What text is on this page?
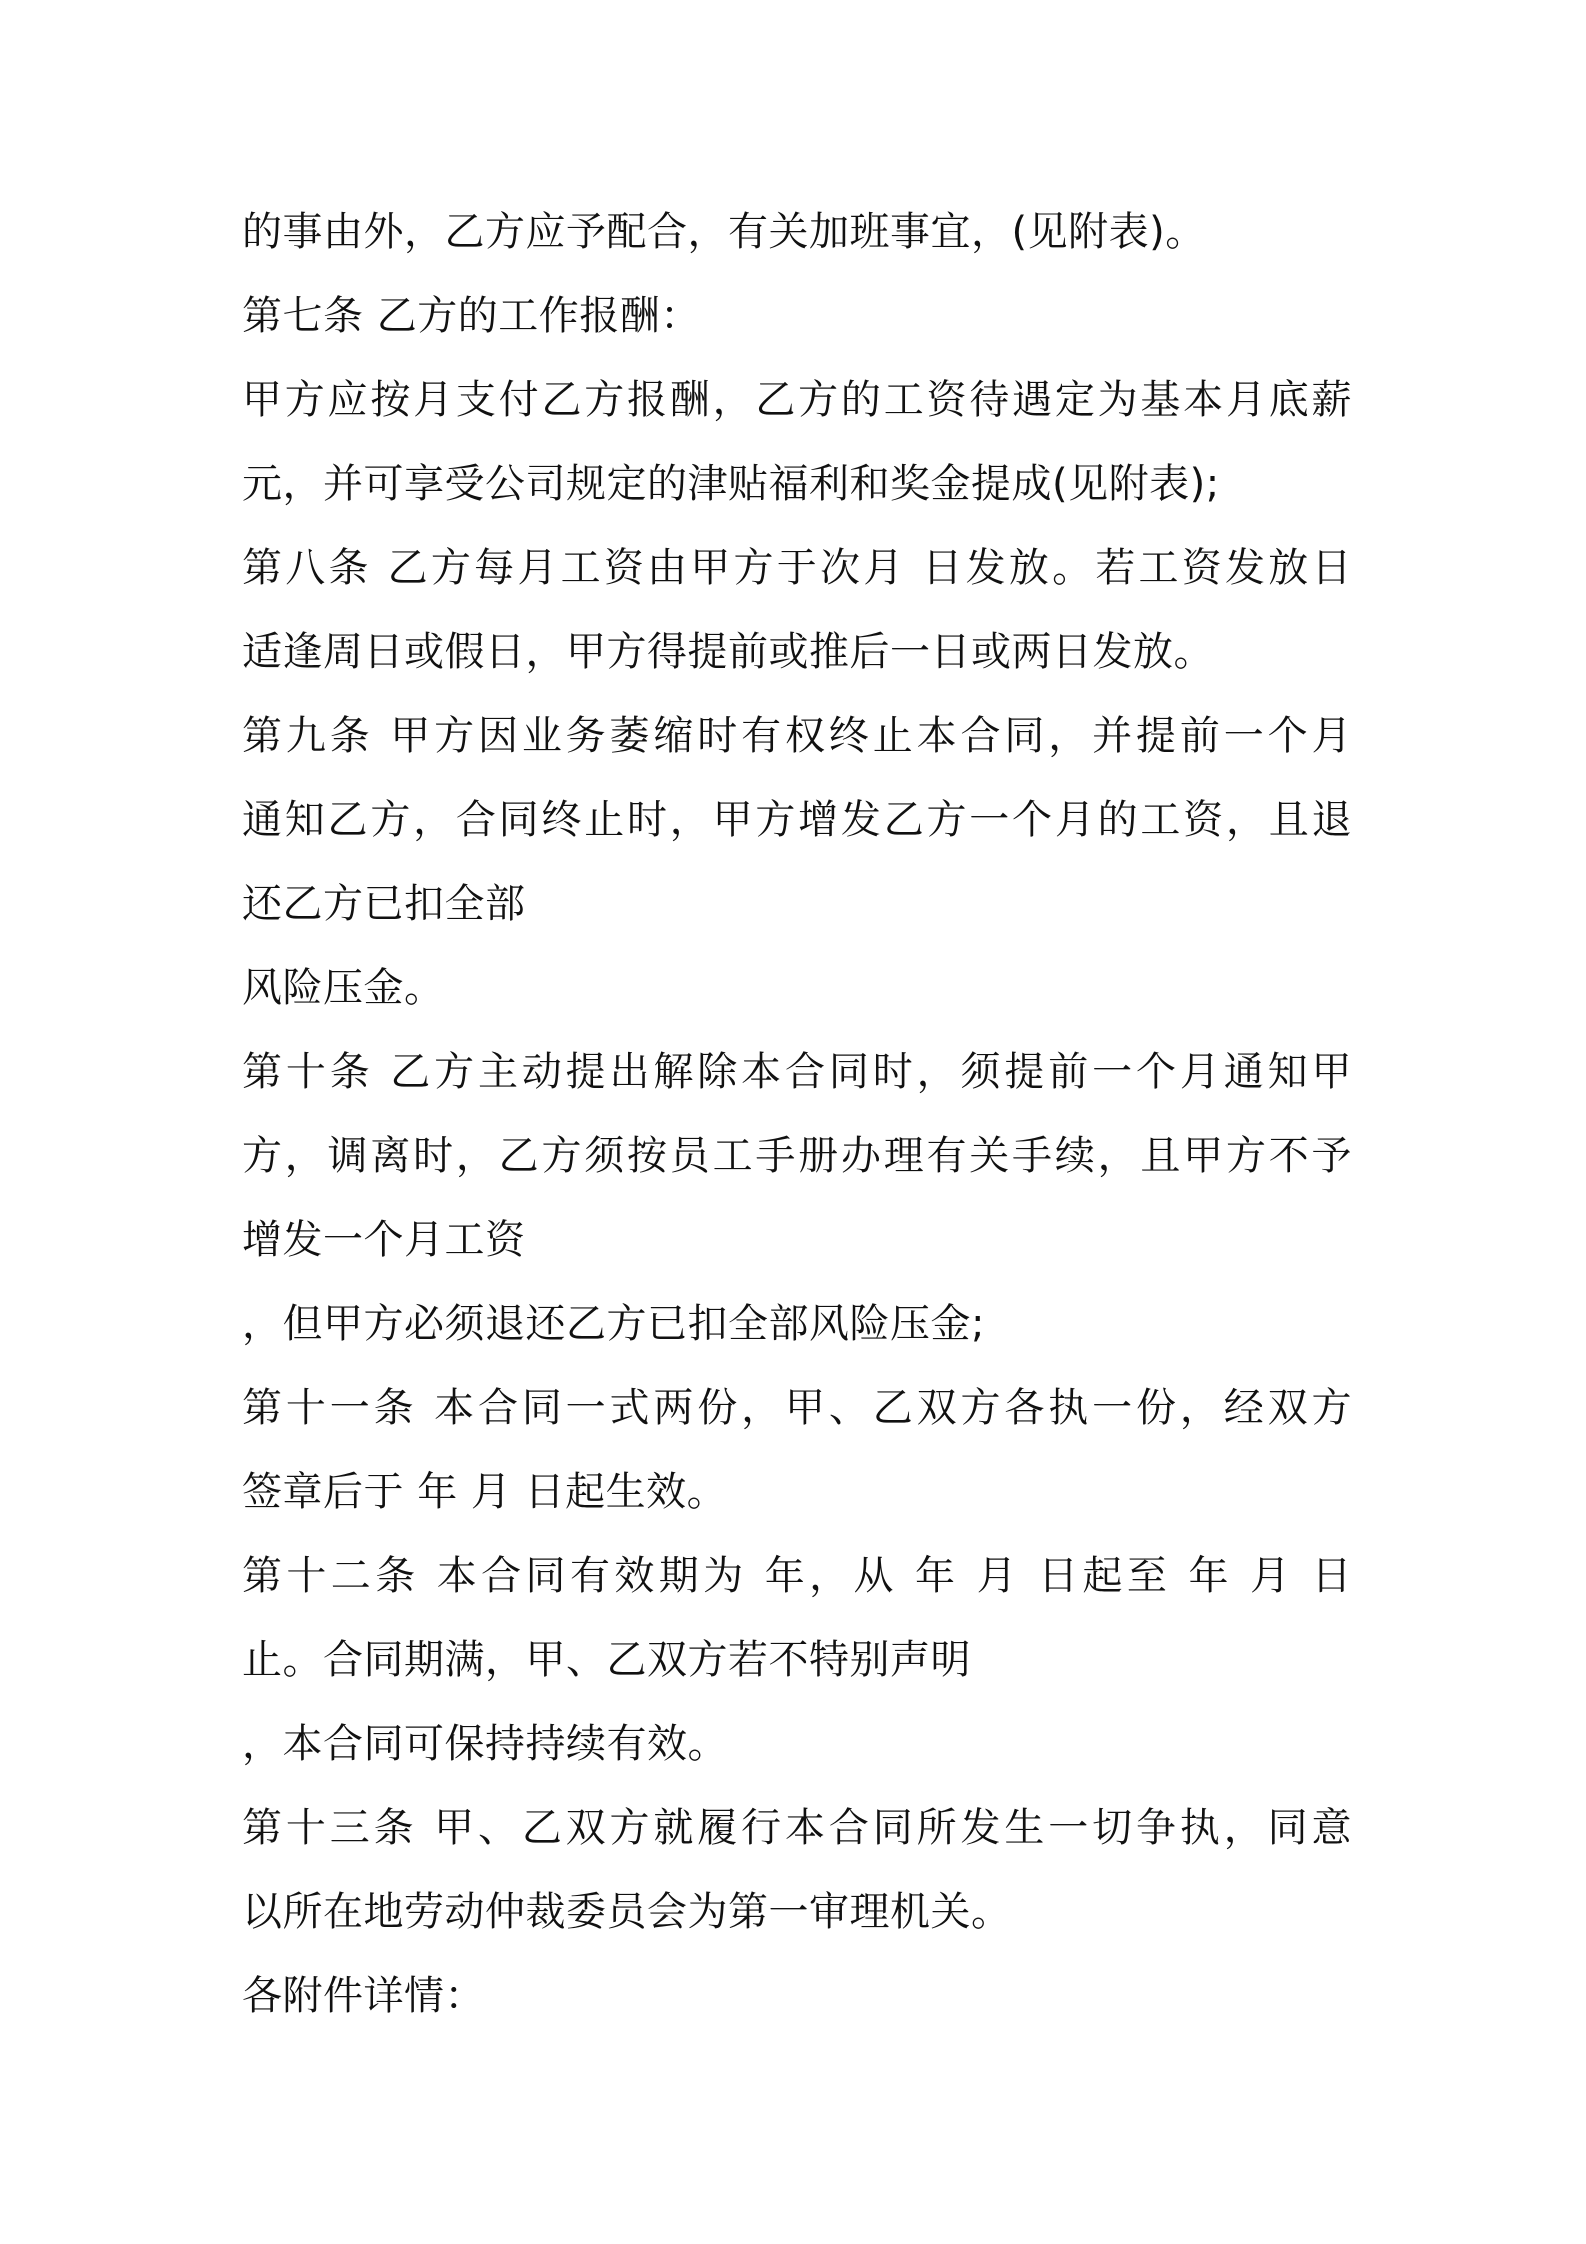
的事由外，乙方应予配合，有关加班事宜，(见附表)。
第七条 乙方的工作报酬：
甲方应按月支付乙方报酬，乙方的工资待遇定为基本月底薪
元，并可享受公司规定的津贴福利和奖金提成(见附表);
第八条 乙方每月工资由甲方于次月 日发放。若工资发放日
适逢周日或假日，甲方得提前或推后一日或两日发放。
第九条 甲方因业务萎缩时有权终止本合同，并提前一个月
通知乙方，合同终止时，甲方增发乙方一个月的工资，且退
还乙方已扣全部
风险压金。
第十条 乙方主动提出解除本合同时，须提前一个月通知甲
方，调离时，乙方须按员工手册办理有关手续，且甲方不予
增发一个月工资
，但甲方必须退还乙方已扣全部风险压金;
第十一条 本合同一式两份，甲、乙双方各执一份，经双方
签章后于 年 月 日起生效。
第十二条 本合同有效期为 年，从 年 月 日起至 年 月 日
止。合同期满，甲、乙双方若不特别声明
，本合同可保持持续有效。
第十三条 甲、乙双方就履行本合同所发生一切争执，同意
以所在地劳动仲裁委员会为第一审理机关。
各附件详情：
